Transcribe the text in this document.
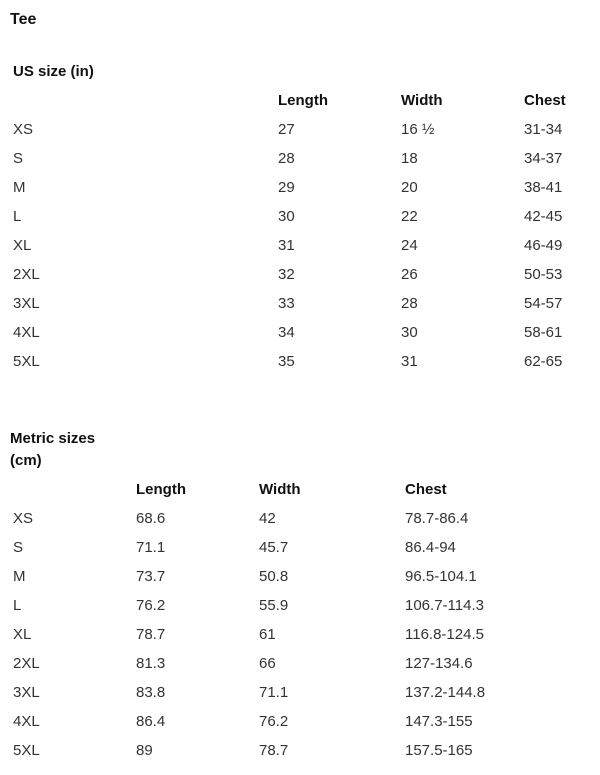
Tee
US size (in)
	Length	Width	Chest
XS	27	16 ½	31-34
S	28	18	34-37
M	29	20	38-41
L	30	22	42-45
XL	31	24	46-49
2XL	32	26	50-53
3XL	33	28	54-57
4XL	34	30	58-61
5XL	35	31	62-65
Metric sizes (cm)
	Length	Width	Chest
XS	68.6	42	78.7-86.4
S	71.1	45.7	86.4-94
M	73.7	50.8	96.5-104.1
L	76.2	55.9	106.7-114.3
XL	78.7	61	116.8-124.5
2XL	81.3	66	127-134.6
3XL	83.8	71.1	137.2-144.8
4XL	86.4	76.2	147.3-155
5XL	89	78.7	157.5-165
